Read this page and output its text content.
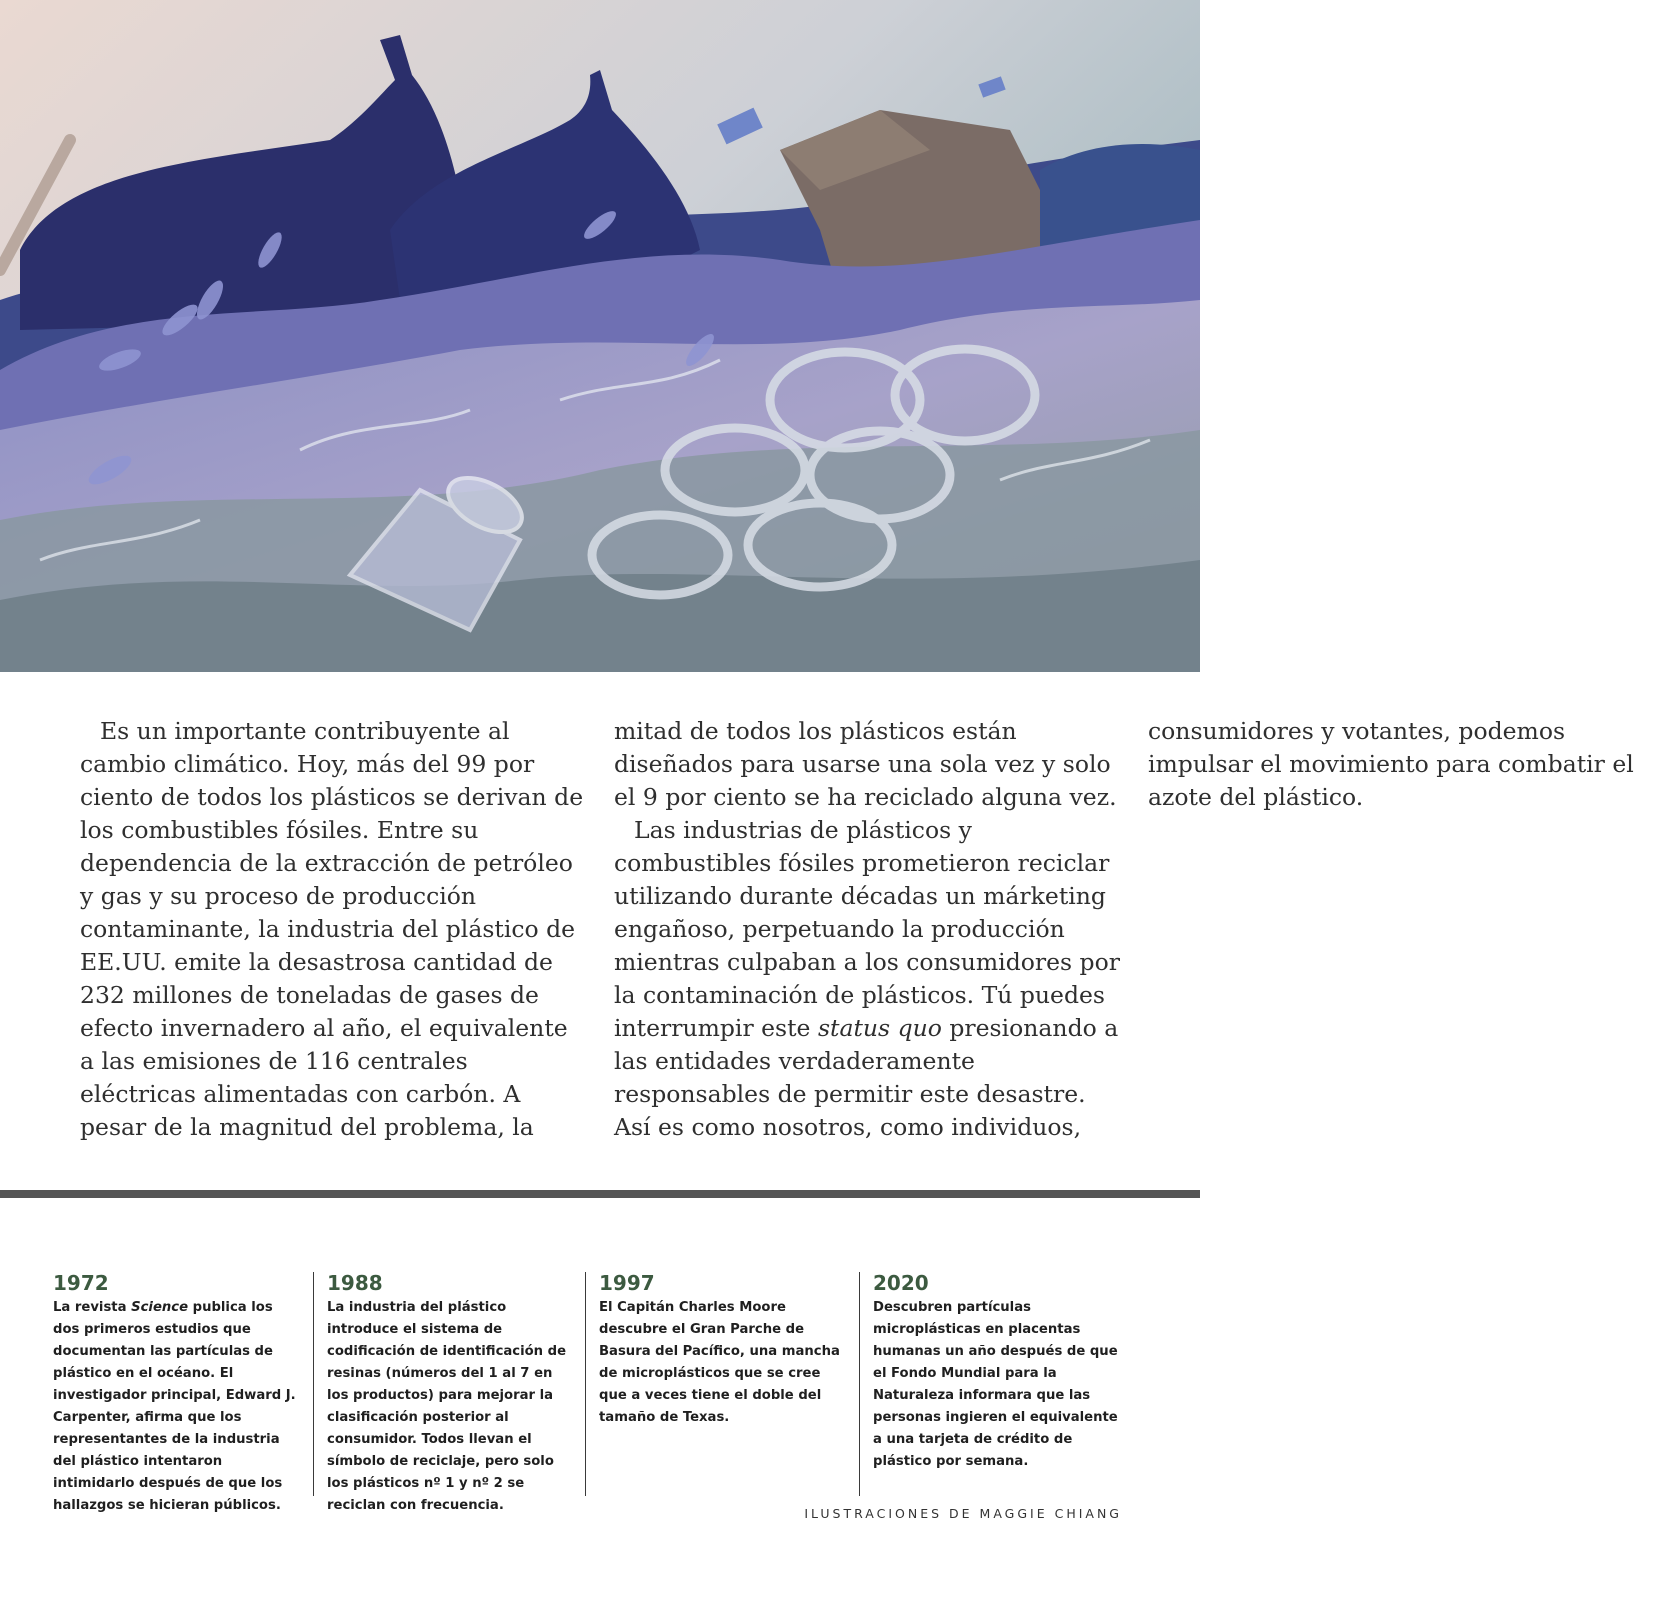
Es un importante contribuyente al cambio climático. Hoy, más del 99 por ciento de todos los plásticos se derivan de los combustibles fósiles. Entre su dependencia de la extracción de petróleo y gas y su proceso de producción contaminante, la industria del plástico de EE.UU. emite la desastrosa cantidad de 232 millones de toneladas de gases de efecto invernadero al año, el equivalente a las emisiones de 116 centrales eléctricas alimentadas con carbón. A pesar de la magnitud del problema, la mitad de todos los plásticos están diseñados para usarse una sola vez y solo el 9 por ciento se ha reciclado alguna vez.

Las industrias de plásticos y combustibles fósiles prometieron reciclar utilizando durante décadas un márketing engañoso, perpetuando la producción mientras culpaban a los consumidores por la contaminación de plásticos. Tú puedes interrumpir este status quo presionando a las entidades verdaderamente responsables de permitir este desastre. Así es como nosotros, como individuos, consumidores y votantes, podemos impulsar el movimiento para combatir el azote del plástico.

1972

La revista Science publica los dos primeros estudios que documentan las partículas de plástico en el océano. El investigador principal, Edward J. Carpenter, afirma que los representantes de la industria del plástico intentaron intimidarlo después de que los hallazgos se hicieran públicos.

1988

La industria del plástico introduce el sistema de codificación de identificación de resinas (números del 1 al 7 en los productos) para mejorar la clasificación posterior al consumidor. Todos llevan el símbolo de reciclaje, pero solo los plásticos nº 1 y nº 2 se reciclan con frecuencia.

1997

El Capitán Charles Moore descubre el Gran Parche de Basura del Pacífico, una mancha de microplásticos que se cree que a veces tiene el doble del tamaño de Texas.

2020

Descubren partículas microplásticas en placentas humanas un año después de que el Fondo Mundial para la Naturaleza informara que las personas ingieren el equivalente a una tarjeta de crédito de plástico por semana.

ILUSTRACIONES DE MAGGIE CHIANG
